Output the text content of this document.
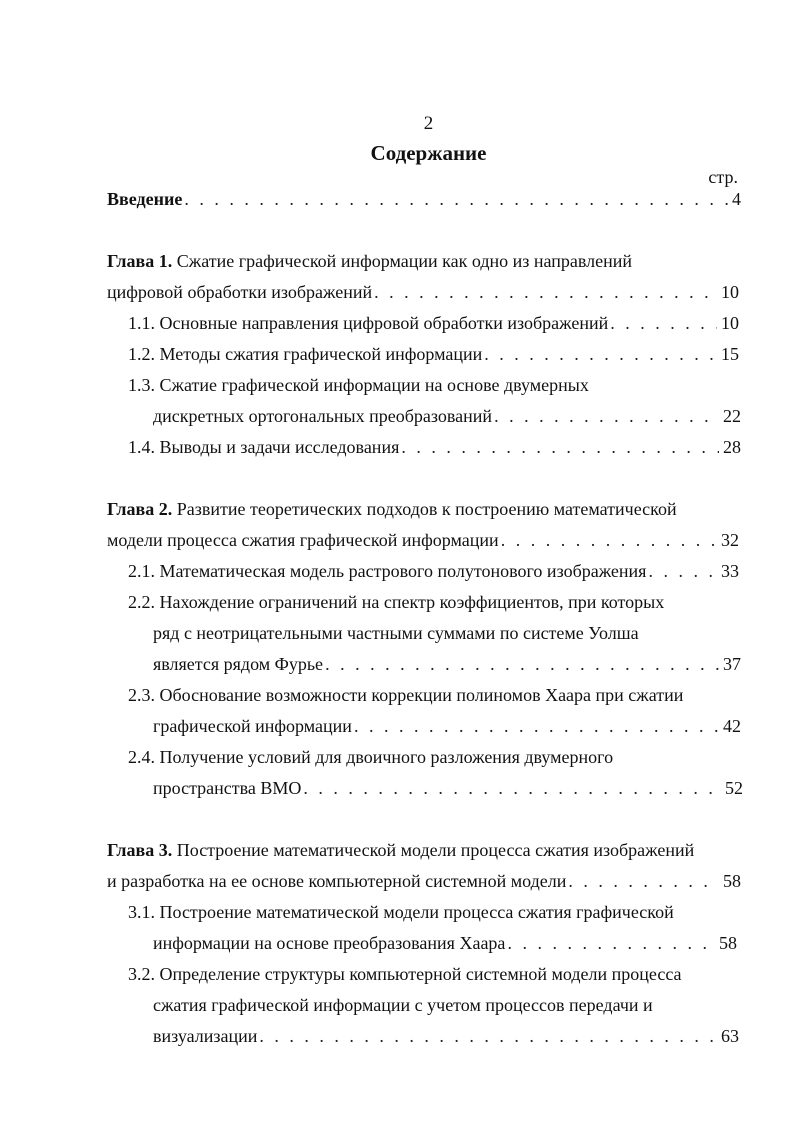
2
Содержание
стр.
Введение . . .	4
Глава 1. Сжатие графической информации как одно из направлений
цифровой обработки изображений . . .	10
1.1. Основные направления цифровой обработки изображений . . .	10
1.2. Методы сжатия графической информации . . .	15
1.3. Сжатие графической информации на основе двумерных
дискретных ортогональных преобразований . . .	22
1.4. Выводы и задачи исследования . . .	28
Глава 2. Развитие теоретических подходов к построению математической
модели процесса сжатия графической информации . . .	32
2.1. Математическая модель растрового полутонового изображения . . .	33
2.2. Нахождение ограничений на спектр коэффициентов, при которых
ряд с неотрицательными частными суммами по системе Уолша
является рядом Фурье . . .	37
2.3. Обоснование возможности коррекции полиномов Хаара при сжатии
графической информации . . .	42
2.4. Получение условий для двоичного разложения двумерного
пространства ВМО . . .	52
Глава 3. Построение математической модели процесса сжатия изображений
и разработка на ее основе компьютерной системной модели . . .	58
3.1. Построение математической модели процесса сжатия графической
информации на основе преобразования Хаара . . .	58
3.2. Определение структуры компьютерной системной модели процесса
сжатия графической информации с учетом процессов передачи и
визуализации . . .	63
